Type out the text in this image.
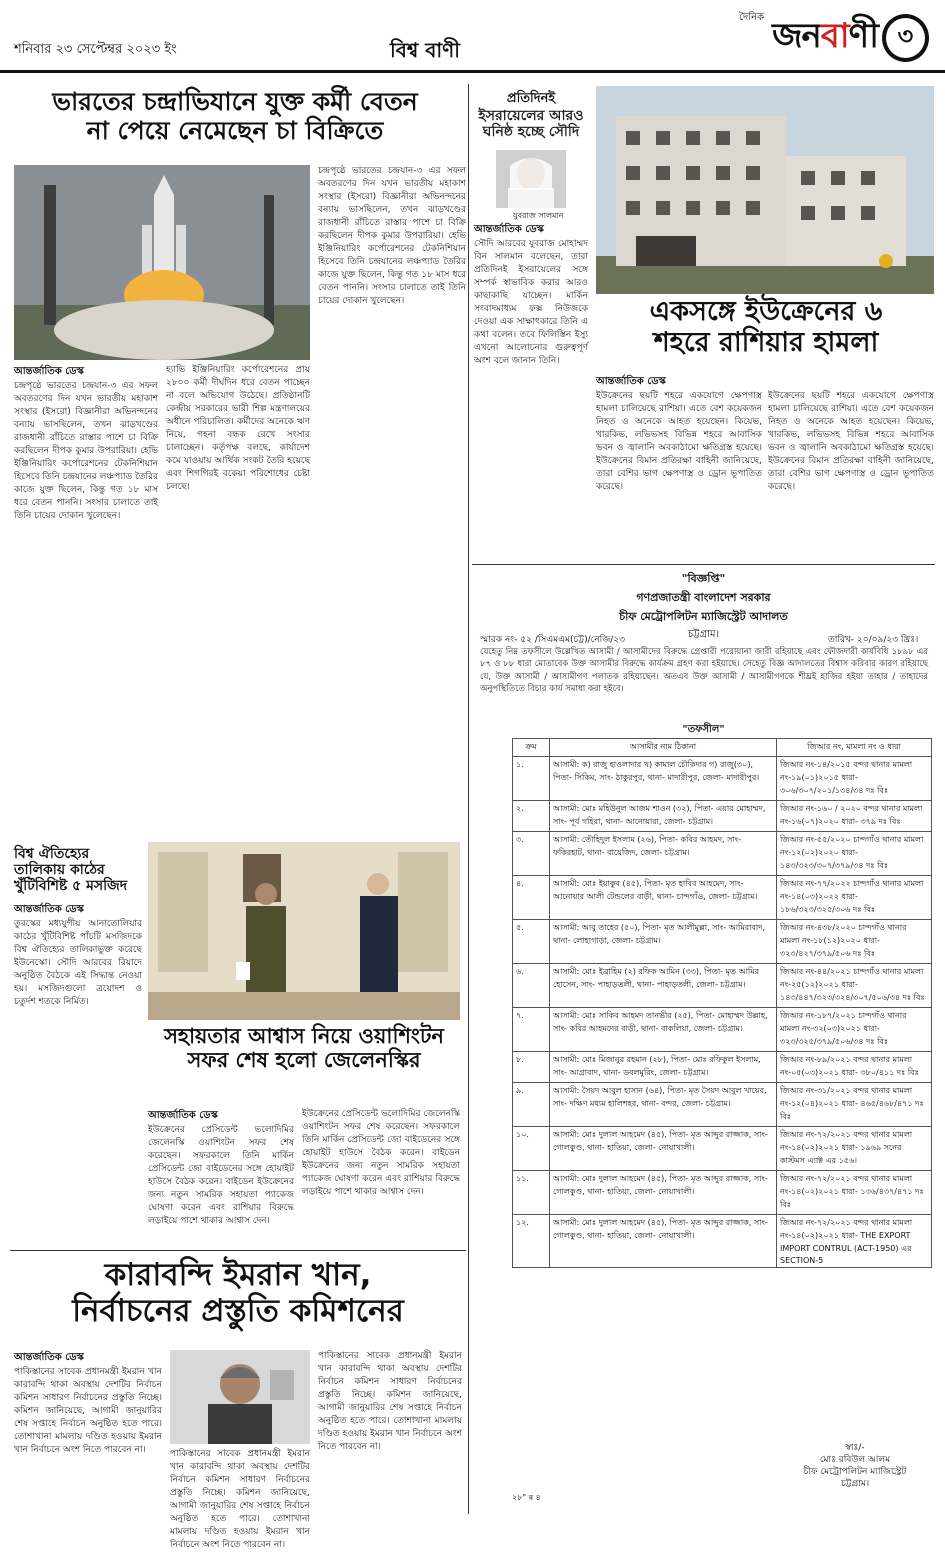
শনিবার ২৩ সেপ্টেম্বর ২০২৩ ইং	বিশ্ব বাণী
দৈনিক জনবাণী ৩
ভারতের চন্দ্রাভিযানে যুক্ত কর্মী বেতন
না পেয়ে নেমেছেন চা বিক্রিতে
আন্তর্জাতিক ডেস্ক
চন্দ্রপৃষ্ঠে ভারতের চন্দ্রযান-৩ এর সফল অবতরণের দিন যখন ভারতীয় মহাকাশ সংস্থার (ইসরো) বিজ্ঞানীরা অভিনন্দনের বন্যায় ভাসছিলেন, তখন ঝাড়খণ্ডের রাজধানী রাঁচিতে রাস্তার পাশে চা বিক্রি করছিলেন দীপক কুমার উপরারিয়া। হেভি ইঞ্জিনিয়ারিং কর্পোরেশনের টেকনিশিয়ান হিসেবে তিনি চন্দ্রযানের লঞ্চপ্যাড তৈরির কাজে যুক্ত ছিলেন, কিন্তু গত ১৮ মাস ধরে বেতন পাননি। সংসার চালাতে তাই তিনি চায়ের দোকান খুলেছেন।
হ্যাভি ইঞ্জিনিয়ারিং কর্পোরেশনের প্রায় ২৮০০ কর্মী দীর্ঘদিন ধরে বেতন পাচ্ছেন না বলে অভিযোগ উঠেছে। প্রতিষ্ঠানটি কেন্দ্রীয় সরকারের ভারী শিল্প মন্ত্রণালয়ের অধীনে পরিচালিত। কর্মীদের অনেকে ঋণ নিয়ে, গহনা বন্ধক রেখে সংসার চালাচ্ছেন। কর্তৃপক্ষ বলছে, কার্যাদেশ কমে যাওয়ায় আর্থিক সংকট তৈরি হয়েছে এবং শিগগিরই বকেয়া পরিশোধের চেষ্টা চলছে।
চন্দ্রপৃষ্ঠে ভারতের চন্দ্রযান-৩ এর সফল অবতরণের দিন যখন ভারতীয় মহাকাশ সংস্থার (ইসরো) বিজ্ঞানীরা অভিনন্দনের বন্যায় ভাসছিলেন, তখন ঝাড়খণ্ডের রাজধানী রাঁচিতে রাস্তার পাশে চা বিক্রি করছিলেন দীপক কুমার উপরারিয়া। হেভি ইঞ্জিনিয়ারিং কর্পোরেশনের টেকনিশিয়ান হিসেবে তিনি চন্দ্রযানের লঞ্চপ্যাড তৈরির কাজে যুক্ত ছিলেন, কিন্তু গত ১৮ মাস ধরে বেতন পাননি। সংসার চালাতে তাই তিনি চায়ের দোকান খুলেছেন।
প্রতিদিনই
ইসরায়েলের আরও ঘনিষ্ঠ হচ্ছে সৌদি
যুবরাজ সালমান
আন্তর্জাতিক ডেস্ক
সৌদি আরবের যুবরাজ মোহাম্মদ বিন সালমান বলেছেন, তারা প্রতিদিনই ইসরায়েলের সঙ্গে সম্পর্ক স্বাভাবিক করার আরও কাছাকাছি যাচ্ছেন। মার্কিন সংবাদমাধ্যম ফক্স নিউজকে দেওয়া এক সাক্ষাৎকারে তিনি এ কথা বলেন। তবে ফিলিস্তিন ইস্যু এখনো আলোচনার গুরুত্বপূর্ণ অংশ বলে জানান তিনি।
একসঙ্গে ইউক্রেনের ৬
শহরে রাশিয়ার হামলা
আন্তর্জাতিক ডেস্ক
ইউক্রেনের ছয়টি শহরে একযোগে ক্ষেপণাস্ত্র হামলা চালিয়েছে রাশিয়া। এতে বেশ কয়েকজন নিহত ও অনেকে আহত হয়েছেন। কিয়েভ, খারকিভ, লভিভসহ বিভিন্ন শহরে আবাসিক ভবন ও জ্বালানি অবকাঠামো ক্ষতিগ্রস্ত হয়েছে। ইউক্রেনের বিমান প্রতিরক্ষা বাহিনী জানিয়েছে, তারা বেশির ভাগ ক্ষেপণাস্ত্র ও ড্রোন ভূপাতিত করেছে।
ইউক্রেনের ছয়টি শহরে একযোগে ক্ষেপণাস্ত্র হামলা চালিয়েছে রাশিয়া। এতে বেশ কয়েকজন নিহত ও অনেকে আহত হয়েছেন। কিয়েভ, খারকিভ, লভিভসহ বিভিন্ন শহরে আবাসিক ভবন ও জ্বালানি অবকাঠামো ক্ষতিগ্রস্ত হয়েছে। ইউক্রেনের বিমান প্রতিরক্ষা বাহিনী জানিয়েছে, তারা বেশির ভাগ ক্ষেপণাস্ত্র ও ড্রোন ভূপাতিত করেছে।
"বিজ্ঞপ্তি"
গণপ্রজাতন্ত্রী বাংলাদেশ সরকার
চীফ মেট্রোপলিটন ম্যাজিস্ট্রেট আদালত
চট্টগ্রাম।
স্মারক নং- ৫২ /সিএমএম(চট্ট)/নেজি/২৩	তারিখ- ২০/০৯/২৩ খ্রিঃ।
যেহেতু নিম্ন তফসীলে উল্লেখিত আসামী / আসামীদের বিরুদ্ধে গ্রেপ্তারী পরোয়ানা জারী রহিয়াছে এবং ফৌজদারী কার্যবিধি ১৮৯৮ এর ৮৭ ও ৮৮ ধারা মোতাবেক উক্ত আসামীর বিরুদ্ধে কার্যক্রম গ্রহণ করা হইয়াছে। সেহেতু বিজ্ঞ আদালতের বিশ্বাস করিবার কারণ রহিয়াছে যে, উক্ত আসামী / আসামীগণ পলাতক রহিয়াছেন। অতএব উক্ত আসামী / আসামীগণকে শীঘ্রই হাজির হইয়া তাহার / তাহাদের অনুপস্থিতিতে বিচার কার্য সমাধা করা হইবে।
"তফসীল"
ক্রম	আসামীর নাম ঠিকানা	জিআর নং, মামলা নং ও ধারা
১.	আসামী: ক) রাজু হাওলাদার খ) কামাল চৌকিদার গ) রাজু(৩০), পিতা- সিকিম, সাং- ঠাকুরপুর, থানা- মাদারীপুর, জেলা- মাদারীপুর।	জিআর নং-১৪/২০১৫ বন্দর থানার মামলা নং-১৯(০১)২০১৫ ধারা- ৩০৬/৩০৭/২০১/১৩৪/৩৪ দঃ বিঃ
২.	আসামী: মোঃ মহিউনুল আজম শাওন (৩২), পিতা- এয়ার মোহাম্মদ, সাং- পূর্ব গহিরা, থানা- আনোয়ারা, জেলা- চট্টগ্রাম।	জিআর নং-১৬০ / ২০২০ বন্দর থানার মামলা নং-১৬(০৭)২০২০ ধারা- ৩৭৯ দঃ বিঃ
৩.	আসামী: তৌহিদুল ইসলাম (২৬), পিতা- কবির আহমদ, সাং- ফকিরহাট, থানা- বায়েজিদ, জেলা- চট্টগ্রাম।	জিআর নং-৫৫/২০২০ চান্দগাঁও থানার মামলা নং-১২(০২)২০২০ ধারা- ১৪৩/৩২৩/৩০৭/৩৭৯/৩৪ দঃ বিঃ
৪.	আসামী: মোঃ ইয়াকুব (৪৫), পিতা- মৃত হাবিব আহমেদ, সাং- আনোয়ার আলী টেন্ডলের বাড়ী, থানা- চান্দগাঁও, জেলা- চট্টগ্রাম।	জিআর নং-৭৭/২০২২ চান্দগাঁও থানার মামলা নং-১৪(০৩)২০২২ ধারা- ১৮৬/৩২৩/৩২৫/৩০৬ দঃ বিঃ
৫.	আসামী: আবু তাহের (৫০), পিতা- মৃত আলীমুল্লা, সাং- আমিরাবাদ, থানা- লোহাগাড়া, জেলা- চট্টগ্রাম।	জিআর নং-৪৩৮/২০২০ চান্দগাঁও থানার মামলা নং-১৮(১২)২০২০ ধারা- ৩২৩/৪২৭/৩৭৯/৫০৬ দঃ বিঃ
৬.	আসামী: মোঃ ইব্রাহিম (২) রফিক আমিন (৩৩), পিতা- মৃত আমির হোসেন, সাং- পাহাড়তলী, থানা- পাহাড়তলী, জেলা- চট্টগ্রাম।	জিআর নং-৪৪/২০২১ চান্দগাঁও থানার মামলা নং-২৫(১২)২০২১ ধারা- ১৪৩/৪৪৭/৩২৩/৩২৪/৩০৭/৫০৬/৩৪ দঃ বিঃ
৭.	আসামী: মোঃ সাকিব আহমদ তানভীর (২৫), পিতা- মোহাম্মদ উল্লাহ, সাং- কবির আহমদের বাড়ী, থানা- বাকলিয়া, জেলা- চট্টগ্রাম।	জিআর নং-১৮৭/২০২১ চান্দগাঁও থানার মামলা নং-৩২(০৩)২০২১ ধারা- ৩২৩/৩২৫/৩৭৯/৫০৬/৩৪ দঃ বিঃ
৮.	আসামী: মোঃ মিজানুর রহমান (২৮), পিতা- মোঃ রফিকুল ইসলাম, সাং- আগ্রাবাদ, থানা- ডবলমুরিং, জেলা- চট্টগ্রাম।	জিআর নং-৮৯/২০২১ বন্দর থানার মামলা নং-০৫(০৩)২০২১ ধারা- ৩৮০/৪১১ দঃ বিঃ
৯.	আসামী: সৈয়দ আবুল হাসান (৬৪), পিতা- মৃত সৈয়দ আবুল খায়ের, সাং- দক্ষিণ মধ্যম হালিশহর, থানা- বন্দর, জেলা- চট্টগ্রাম।	জিআর নং-৩১/২০২১ বন্দর থানার মামলা নং-১২(০৪)২০২১ ধারা- ৪৬৫/৪৬৮/৪৭১ দঃ বিঃ
১০.	আসামী: মোঃ দুলাল আহমেদ (৪৫), পিতা- মৃত আব্দুর রাজ্জাক, সাং- গোলকুণ্ড, থানা- হাতিয়া, জেলা- নোয়াখালী।	জিআর নং-৭২/২০২১ বন্দর থানার মামলা নং-১৪(০২)২০২১ ধারা- ১৯৬৯ সনের কাস্টমস এ্যাক্ট এর ১৫৬।
১১.	আসামী: মোঃ দুলাল আহমেদ (৪৫), পিতা- মৃত আব্দুর রাজ্জাক, সাং- গোলকুণ্ড, থানা- হাতিয়া, জেলা- নোয়াখালী।	জিআর নং-৭২/২০২১ বন্দর থানার মামলা নং-১৪(০২)২০২১ ধারা- ১৩৬/৪৩৭/৪৭১ দঃ বিঃ
১২.	আসামী: মোঃ দুলাল আহমেদ (৪৫), পিতা- মৃত আব্দুর রাজ্জাক, সাং- গোলকুণ্ড, থানা- হাতিয়া, জেলা- নোয়াখালী।	জিআর নং-৭২/২০২১ বন্দর থানার মামলা নং-১৪(০২)২০২১ ধারা- THE EXPORT IMPORT CONTRUL (ACT-1950) এর SECTION-5
স্বাঃ/-
মোঃ রবিউল আলম
চীফ মেট্রোপলিটন ম্যাজিস্ট্রেট
চট্টগ্রাম।
২৮" ৰ ৪
বিশ্ব ঐতিহ্যের
তালিকায় কাঠের
খুঁটিবিশিষ্ট ৫ মসজিদ
আন্তর্জাতিক ডেস্ক
তুরস্কের মধ্যযুগীয় আনাতোলিয়ার কাঠের খুঁটিবিশিষ্ট পাঁচটি মসজিদকে বিশ্ব ঐতিহ্যের তালিকাভুক্ত করেছে ইউনেস্কো। সৌদি আরবের রিয়াদে অনুষ্ঠিত বৈঠকে এই সিদ্ধান্ত নেওয়া হয়। মসজিদগুলো ত্রয়োদশ ও চতুর্দশ শতকে নির্মিত।
সহায়তার আশ্বাস নিয়ে ওয়াশিংটন
সফর শেষ হলো জেলেনস্কির
আন্তর্জাতিক ডেস্ক
ইউক্রেনের প্রেসিডেন্ট ভলোদিমির জেলেনস্কি ওয়াশিংটন সফর শেষ করেছেন। সফরকালে তিনি মার্কিন প্রেসিডেন্ট জো বাইডেনের সঙ্গে হোয়াইট হাউসে বৈঠক করেন। বাইডেন ইউক্রেনের জন্য নতুন সামরিক সহায়তা প্যাকেজ ঘোষণা করেন এবং রাশিয়ার বিরুদ্ধে লড়াইয়ে পাশে থাকার আশ্বাস দেন।
ইউক্রেনের প্রেসিডেন্ট ভলোদিমির জেলেনস্কি ওয়াশিংটন সফর শেষ করেছেন। সফরকালে তিনি মার্কিন প্রেসিডেন্ট জো বাইডেনের সঙ্গে হোয়াইট হাউসে বৈঠক করেন। বাইডেন ইউক্রেনের জন্য নতুন সামরিক সহায়তা প্যাকেজ ঘোষণা করেন এবং রাশিয়ার বিরুদ্ধে লড়াইয়ে পাশে থাকার আশ্বাস দেন।
কারাবন্দি ইমরান খান,
নির্বাচনের প্রস্তুতি কমিশনের
আন্তর্জাতিক ডেস্ক
পাকিস্তানের সাবেক প্রধানমন্ত্রী ইমরান খান কারাবন্দি থাকা অবস্থায় দেশটির নির্বাচন কমিশন সাধারণ নির্বাচনের প্রস্তুতি নিচ্ছে। কমিশন জানিয়েছে, আগামী জানুয়ারির শেষ সপ্তাহে নির্বাচন অনুষ্ঠিত হতে পারে। তোশাখানা মামলায় দণ্ডিত হওয়ায় ইমরান খান নির্বাচনে অংশ নিতে পারবেন না।	পাকিস্তানের সাবেক প্রধানমন্ত্রী ইমরান খান কারাবন্দি থাকা অবস্থায় দেশটির নির্বাচন কমিশন সাধারণ নির্বাচনের প্রস্তুতি নিচ্ছে। কমিশন জানিয়েছে, আগামী জানুয়ারির শেষ সপ্তাহে নির্বাচন অনুষ্ঠিত হতে পারে। তোশাখানা মামলায় দণ্ডিত হওয়ায় ইমরান খান নির্বাচনে অংশ নিতে পারবেন না।
পাকিস্তানের সাবেক প্রধানমন্ত্রী ইমরান খান কারাবন্দি থাকা অবস্থায় দেশটির নির্বাচন কমিশন সাধারণ নির্বাচনের প্রস্তুতি নিচ্ছে। কমিশন জানিয়েছে, আগামী জানুয়ারির শেষ সপ্তাহে নির্বাচন অনুষ্ঠিত হতে পারে। তোশাখানা মামলায় দণ্ডিত হওয়ায় ইমরান খান নির্বাচনে অংশ নিতে পারবেন না।
